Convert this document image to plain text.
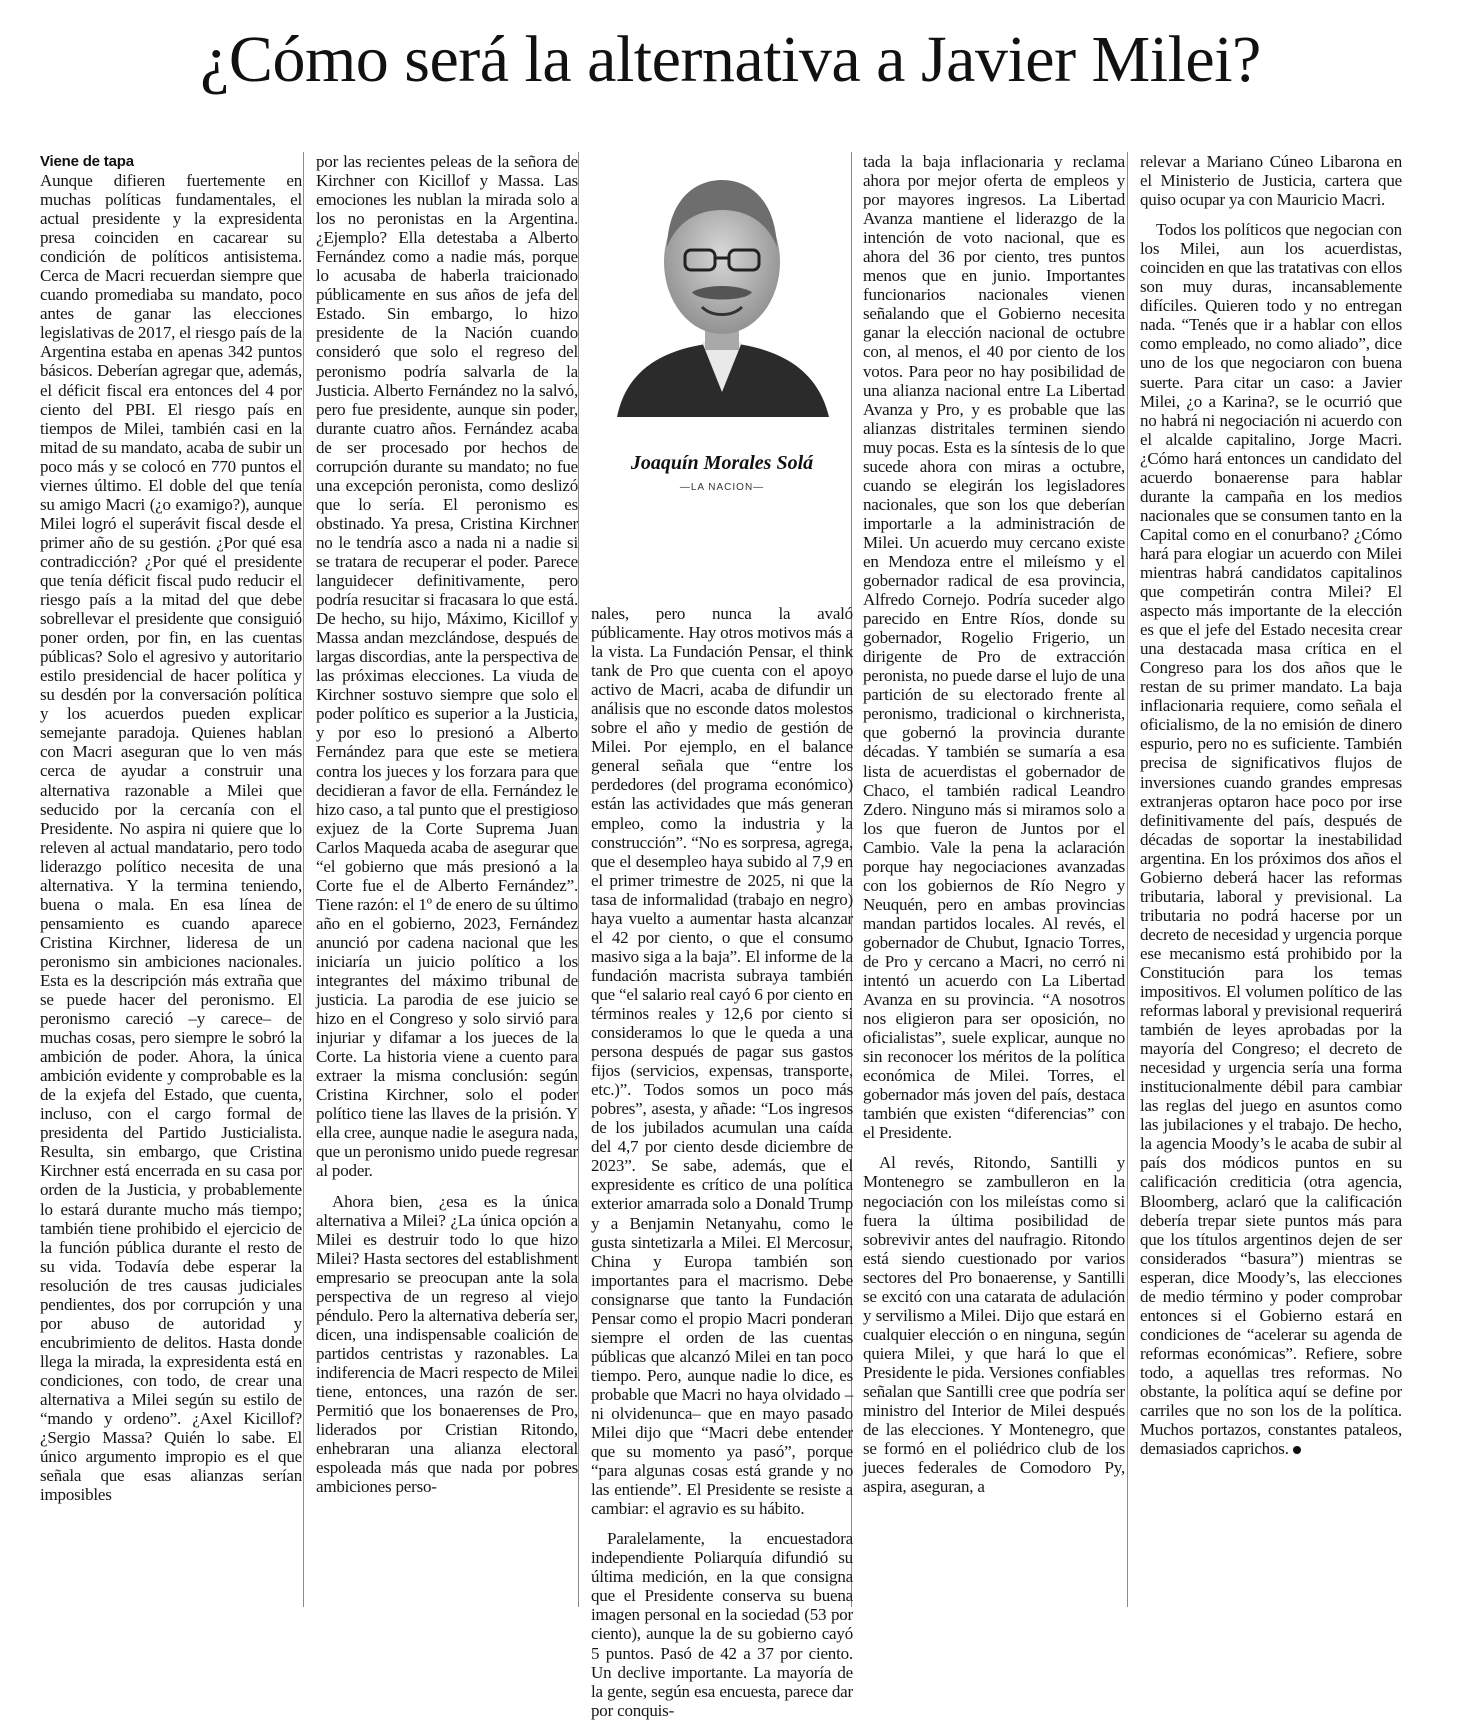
¿Cómo será la alternativa a Javier Milei?
Viene de tapa

Aunque difieren fuertemente en muchas políticas fundamentales, el actual presidente y la expresidenta presa coinciden en cacarear su condición de políticos antisistema. Cerca de Macri recuerdan siempre que cuando promediaba su mandato, poco antes de ganar las elecciones legislativas de 2017, el riesgo país de la Argentina estaba en apenas 342 puntos básicos. Deberían agregar que, además, el déficit fiscal era entonces del 4 por ciento del PBI. El riesgo país en tiempos de Milei, también casi en la mitad de su mandato, acaba de subir un poco más y se colocó en 770 puntos el viernes último. El doble del que tenía su amigo Macri (¿o examigo?), aunque Milei logró el superávit fiscal desde el primer año de su gestión. ¿Por qué esa contradicción? ¿Por qué el presidente que tenía déficit fiscal pudo reducir el riesgo país a la mitad del que debe sobrellevar el presidente que consiguió poner orden, por fin, en las cuentas públicas? Solo el agresivo y autoritario estilo presidencial de hacer política y su desdén por la conversación política y los acuerdos pueden explicar semejante paradoja. Quienes hablan con Macri aseguran que lo ven más cerca de ayudar a construir una alternativa razonable a Milei que seducido por la cercanía con el Presidente. No aspira ni quiere que lo releven al actual mandatario, pero todo liderazgo político necesita de una alternativa. Y la termina teniendo, buena o mala. En esa línea de pensamiento es cuando aparece Cristina Kirchner, lideresa de un peronismo sin ambiciones nacionales. Esta es la descripción más extraña que se puede hacer del peronismo. El peronismo careció –y carece– de muchas cosas, pero siempre le sobró la ambición de poder. Ahora, la única ambición evidente y comprobable es la de la exjefa del Estado, que cuenta, incluso, con el cargo formal de presidenta del Partido Justicialista. Resulta, sin embargo, que Cristina Kirchner está encerrada en su casa por orden de la Justicia, y probablemente lo estará durante mucho más tiempo; también tiene prohibido el ejercicio de la función pública durante el resto de su vida. Todavía debe esperar la resolución de tres causas judiciales pendientes, dos por corrupción y una por abuso de autoridad y encubrimiento de delitos. Hasta donde llega la mirada, la expresidenta está en condiciones, con todo, de crear una alternativa a Milei según su estilo de “mando y ordeno”. ¿Axel Kicillof? ¿Sergio Massa? Quién lo sabe. El único argumento impropio es el que señala que esas alianzas serían imposibles

por las recientes peleas de la señora de Kirchner con Kicillof y Massa. Las emociones les nublan la mirada solo a los no peronistas en la Argentina. ¿Ejemplo? Ella detestaba a Alberto Fernández como a nadie más, porque lo acusaba de haberla traicionado públicamente en sus años de jefa del Estado. Sin embargo, lo hizo presidente de la Nación cuando consideró que solo el regreso del peronismo podría salvarla de la Justicia. Alberto Fernández no la salvó, pero fue presidente, aunque sin poder, durante cuatro años. Fernández acaba de ser procesado por hechos de corrupción durante su mandato; no fue una excepción peronista, como deslizó que lo sería. El peronismo es obstinado. Ya presa, Cristina Kirchner no le tendría asco a nada ni a nadie si se tratara de recuperar el poder. Parece languidecer definitivamente, pero podría resucitar si fracasara lo que está. De hecho, su hijo, Máximo, Kicillof y Massa andan mezclándose, después de largas discordias, ante la perspectiva de las próximas elecciones. La viuda de Kirchner sostuvo siempre que solo el poder político es superior a la Justicia, y por eso lo presionó a Alberto Fernández para que este se metiera contra los jueces y los forzara para que decidieran a favor de ella. Fernández le hizo caso, a tal punto que el prestigioso exjuez de la Corte Suprema Juan Carlos Maqueda acaba de asegurar que “el gobierno que más presionó a la Corte fue el de Alberto Fernández”. Tiene razón: el 1º de enero de su último año en el gobierno, 2023, Fernández anunció por cadena nacional que les iniciaría un juicio político a los integrantes del máximo tribunal de justicia. La parodia de ese juicio se hizo en el Congreso y solo sirvió para injuriar y difamar a los jueces de la Corte. La historia viene a cuento para extraer la misma conclusión: según Cristina Kirchner, solo el poder político tiene las llaves de la prisión. Y ella cree, aunque nadie le asegura nada, que un peronismo unido puede regresar al poder.

Ahora bien, ¿esa es la única alternativa a Milei? ¿La única opción a Milei es destruir todo lo que hizo Milei? Hasta sectores del establishment empresario se preocupan ante la sola perspectiva de un regreso al viejo péndulo. Pero la alternativa debería ser, dicen, una indispensable coalición de partidos centristas y razonables. La indiferencia de Macri respecto de Milei tiene, entonces, una razón de ser. Permitió que los bonaerenses de Pro, liderados por Cristian Ritondo, enhebraran una alianza electoral espoleada más que nada por pobres ambiciones perso-

Joaquín Morales Solá
—LA NACION—

nales, pero nunca la avaló públicamente. Hay otros motivos más a la vista. La Fundación Pensar, el think tank de Pro que cuenta con el apoyo activo de Macri, acaba de difundir un análisis que no esconde datos molestos sobre el año y medio de gestión de Milei. Por ejemplo, en el balance general señala que “entre los perdedores (del programa económico) están las actividades que más generan empleo, como la industria y la construcción”. “No es sorpresa, agrega, que el desempleo haya subido al 7,9 en el primer trimestre de 2025, ni que la tasa de informalidad (trabajo en negro) haya vuelto a aumentar hasta alcanzar el 42 por ciento, o que el consumo masivo siga a la baja”. El informe de la fundación macrista subraya también que “el salario real cayó 6 por ciento en términos reales y 12,6 por ciento si consideramos lo que le queda a una persona después de pagar sus gastos fijos (servicios, expensas, transporte, etc.)”. Todos somos un poco más pobres”, asesta, y añade: “Los ingresos de los jubilados acumulan una caída del 4,7 por ciento desde diciembre de 2023”. Se sabe, además, que el expresidente es crítico de una política exterior amarrada solo a Donald Trump y a Benjamin Netanyahu, como le gusta sintetizarla a Milei. El Mercosur, China y Europa también son importantes para el macrismo. Debe consignarse que tanto la Fundación Pensar como el propio Macri ponderan siempre el orden de las cuentas públicas que alcanzó Milei en tan poco tiempo. Pero, aunque nadie lo dice, es probable que Macri no haya olvidado –ni olvidenunca– que en mayo pasado Milei dijo que “Macri debe entender que su momento ya pasó”, porque “para algunas cosas está grande y no las entiende”. El Presidente se resiste a cambiar: el agravio es su hábito.

Paralelamente, la encuestadora independiente Poliarquía difundió su última medición, en la que consigna que el Presidente conserva su buena imagen personal en la sociedad (53 por ciento), aunque la de su gobierno cayó 5 puntos. Pasó de 42 a 37 por ciento. Un declive importante. La mayoría de la gente, según esa encuesta, parece dar por conquis-

tada la baja inflacionaria y reclama ahora por mejor oferta de empleos y por mayores ingresos. La Libertad Avanza mantiene el liderazgo de la intención de voto nacional, que es ahora del 36 por ciento, tres puntos menos que en junio. Importantes funcionarios nacionales vienen señalando que el Gobierno necesita ganar la elección nacional de octubre con, al menos, el 40 por ciento de los votos. Para peor no hay posibilidad de una alianza nacional entre La Libertad Avanza y Pro, y es probable que las alianzas distritales terminen siendo muy pocas. Esta es la síntesis de lo que sucede ahora con miras a octubre, cuando se elegirán los legisladores nacionales, que son los que deberían importarle a la administración de Milei. Un acuerdo muy cercano existe en Mendoza entre el mileísmo y el gobernador radical de esa provincia, Alfredo Cornejo. Podría suceder algo parecido en Entre Ríos, donde su gobernador, Rogelio Frigerio, un dirigente de Pro de extracción peronista, no puede darse el lujo de una partición de su electorado frente al peronismo, tradicional o kirchnerista, que gobernó la provincia durante décadas. Y también se sumaría a esa lista de acuerdistas el gobernador de Chaco, el también radical Leandro Zdero. Ninguno más si miramos solo a los que fueron de Juntos por el Cambio. Vale la pena la aclaración porque hay negociaciones avanzadas con los gobiernos de Río Negro y Neuquén, pero en ambas provincias mandan partidos locales. Al revés, el gobernador de Chubut, Ignacio Torres, de Pro y cercano a Macri, no cerró ni intentó un acuerdo con La Libertad Avanza en su provincia. “A nosotros nos eligieron para ser oposición, no oficialistas”, suele explicar, aunque no sin reconocer los méritos de la política económica de Milei. Torres, el gobernador más joven del país, destaca también que existen “diferencias” con el Presidente.

Al revés, Ritondo, Santilli y Montenegro se zambulleron en la negociación con los mileístas como si fuera la última posibilidad de sobrevivir antes del naufragio. Ritondo está siendo cuestionado por varios sectores del Pro bonaerense, y Santilli se excitó con una catarata de adulación y servilismo a Milei. Dijo que estará en cualquier elección o en ninguna, según quiera Milei, y que hará lo que el Presidente le pida. Versiones confiables señalan que Santilli cree que podría ser ministro del Interior de Milei después de las elecciones. Y Montenegro, que se formó en el poliédrico club de los jueces federales de Comodoro Py, aspira, aseguran, a

relevar a Mariano Cúneo Libarona en el Ministerio de Justicia, cartera que quiso ocupar ya con Mauricio Macri.

Todos los políticos que negocian con los Milei, aun los acuerdistas, coinciden en que las tratativas con ellos son muy duras, incansablemente difíciles. Quieren todo y no entregan nada. “Tenés que ir a hablar con ellos como empleado, no como aliado”, dice uno de los que negociaron con buena suerte. Para citar un caso: a Javier Milei, ¿o a Karina?, se le ocurrió que no habrá ni negociación ni acuerdo con el alcalde capitalino, Jorge Macri. ¿Cómo hará entonces un candidato del acuerdo bonaerense para hablar durante la campaña en los medios nacionales que se consumen tanto en la Capital como en el conurbano? ¿Cómo hará para elogiar un acuerdo con Milei mientras habrá candidatos capitalinos que competirán contra Milei? El aspecto más importante de la elección es que el jefe del Estado necesita crear una destacada masa crítica en el Congreso para los dos años que le restan de su primer mandato. La baja inflacionaria requiere, como señala el oficialismo, de la no emisión de dinero espurio, pero no es suficiente. También precisa de significativos flujos de inversiones cuando grandes empresas extranjeras optaron hace poco por irse definitivamente del país, después de décadas de soportar la inestabilidad argentina. En los próximos dos años el Gobierno deberá hacer las reformas tributaria, laboral y previsional. La tributaria no podrá hacerse por un decreto de necesidad y urgencia porque ese mecanismo está prohibido por la Constitución para los temas impositivos. El volumen político de las reformas laboral y previsional requerirá también de leyes aprobadas por la mayoría del Congreso; el decreto de necesidad y urgencia sería una forma institucionalmente débil para cambiar las reglas del juego en asuntos como las jubilaciones y el trabajo. De hecho, la agencia Moody’s le acaba de subir al país dos módicos puntos en su calificación crediticia (otra agencia, Bloomberg, aclaró que la calificación debería trepar siete puntos más para que los títulos argentinos dejen de ser considerados “basura”) mientras se esperan, dice Moody’s, las elecciones de medio término y poder comprobar entonces si el Gobierno estará en condiciones de “acelerar su agenda de reformas económicas”. Refiere, sobre todo, a aquellas tres reformas. No obstante, la política aquí se define por carriles que no son los de la política. Muchos portazos, constantes pataleos, demasiados caprichos.
